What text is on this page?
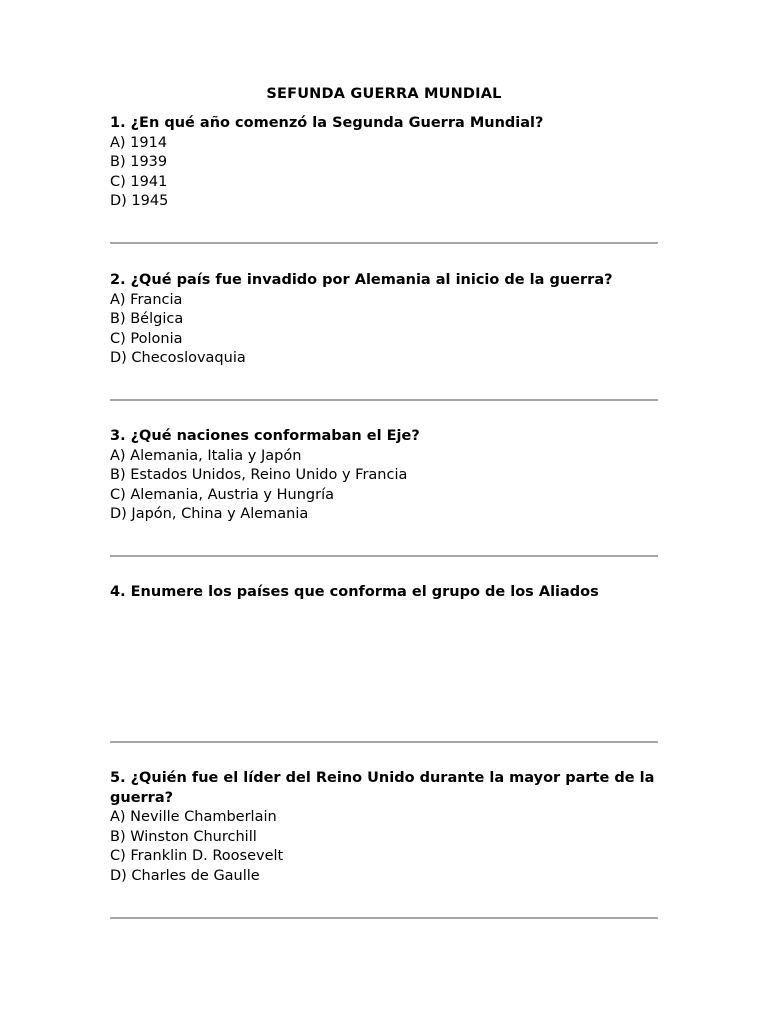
SEFUNDA GUERRA MUNDIAL

1. ¿En qué año comenzó la Segunda Guerra Mundial?

A) 1914
B) 1939
C) 1941
D) 1945

2. ¿Qué país fue invadido por Alemania al inicio de la guerra?

A) Francia
B) Bélgica
C) Polonia
D) Checoslovaquia

3. ¿Qué naciones conformaban el Eje?

A) Alemania, Italia y Japón
B) Estados Unidos, Reino Unido y Francia
C) Alemania, Austria y Hungría
D) Japón, China y Alemania

4. Enumere los países que conforma el grupo de los Aliados

5. ¿Quién fue el líder del Reino Unido durante la mayor parte de la guerra?

A) Neville Chamberlain
B) Winston Churchill
C) Franklin D. Roosevelt
D) Charles de Gaulle
